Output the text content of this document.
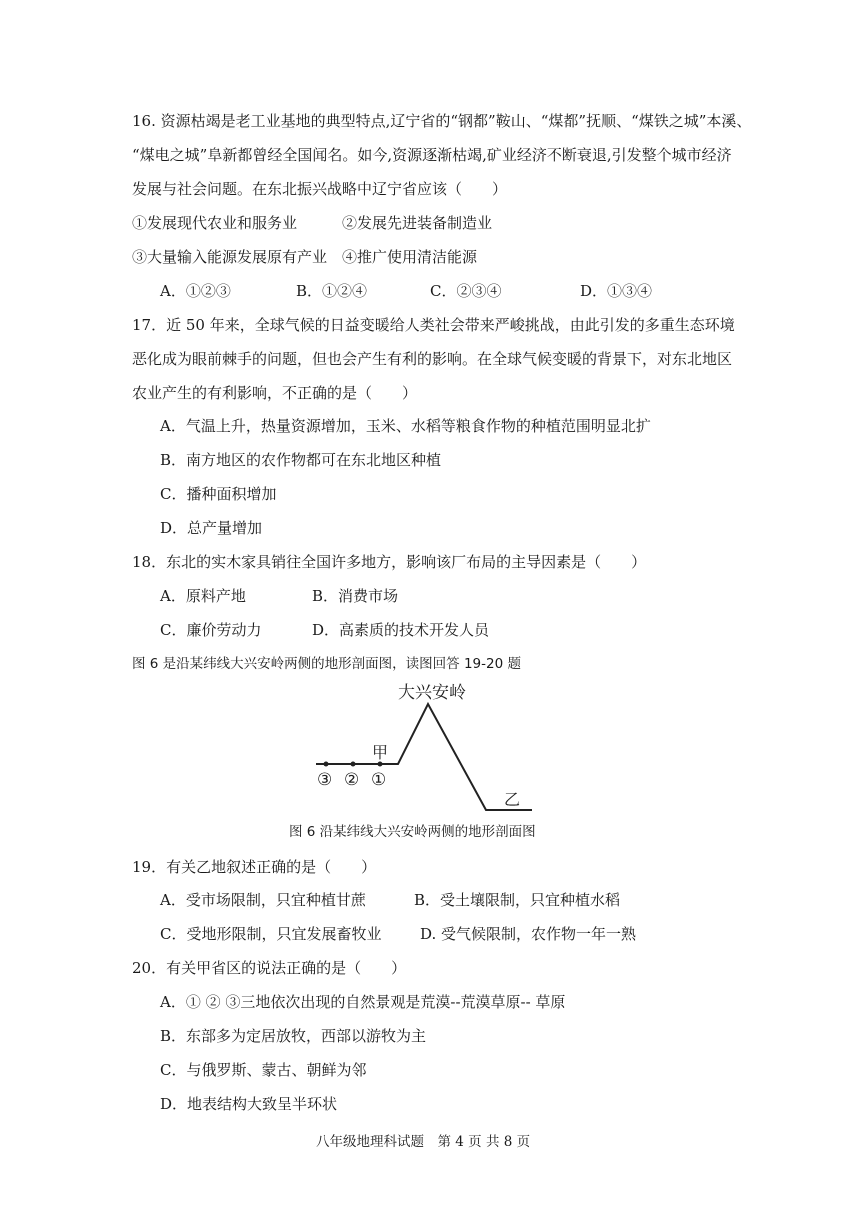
16. 资源枯竭是老工业基地的典型特点,辽宁省的“钢都”鞍山、“煤都”抚顺、“煤铁之城”本溪、
“煤电之城”阜新都曾经全国闻名。如今,资源逐渐枯竭,矿业经济不断衰退,引发整个城市经济
发展与社会问题。在东北振兴战略中辽宁省应该（　　）
①发展现代农业和服务业　　　②发展先进装备制造业
③大量输入能源发展原有产业　④推广使用清洁能源
A．①②③	B．①②④	C．②③④	D．①③④
17．近 50 年来，全球气候的日益变暖给人类社会带来严峻挑战，由此引发的多重生态环境
恶化成为眼前棘手的问题，但也会产生有利的影响。在全球气候变暖的背景下，对东北地区
农业产生的有利影响，不正确的是（　　）
A．气温上升，热量资源增加，玉米、水稻等粮食作物的种植范围明显北扩
B．南方地区的农作物都可在东北地区种植
C．播种面积增加
D．总产量增加
18．东北的实木家具销往全国许多地方，影响该厂布局的主导因素是（　　）
A．原料产地	B．消费市场
C．廉价劳动力	D．高素质的技术开发人员
图 6 是沿某纬线大兴安岭两侧的地形剖面图，读图回答 19-20 题
大兴安岭
甲
③ ② ①
乙
图 6 沿某纬线大兴安岭两侧的地形剖面图
19．有关乙地叙述正确的是（　　）
A．受市场限制，只宜种植甘蔗	B．受土壤限制，只宜种植水稻
C．受地形限制，只宜发展畜牧业	D. 受气候限制，农作物一年一熟
20．有关甲省区的说法正确的是（　　）
A．① ② ③三地依次出现的自然景观是荒漠--荒漠草原-- 草原
B．东部多为定居放牧，西部以游牧为主
C．与俄罗斯、蒙古、朝鲜为邻
D．地表结构大致呈半环状
八年级地理科试题　第 4 页 共 8 页
